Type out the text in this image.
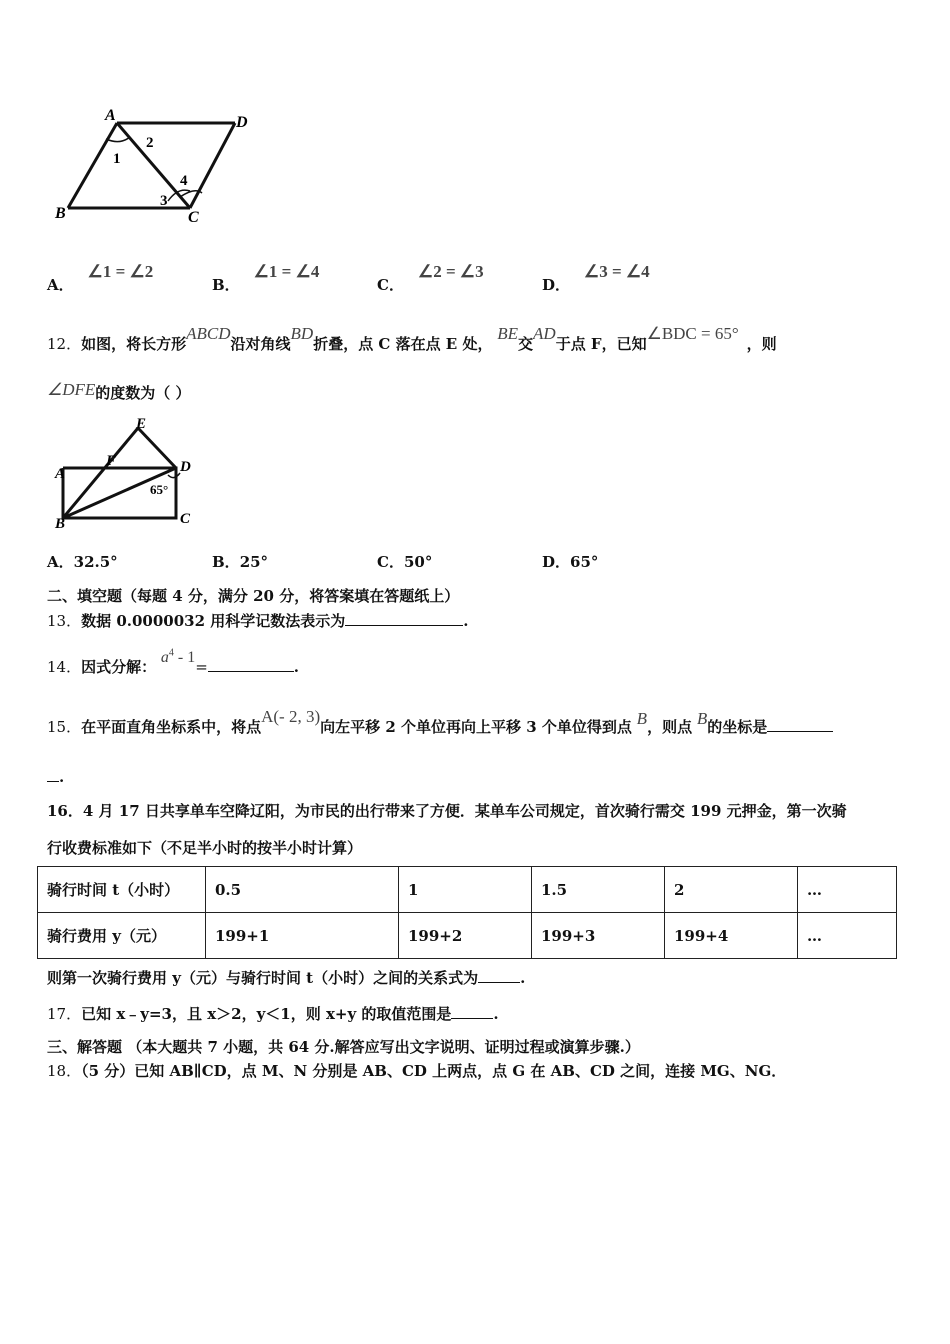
A	D
B	C
1
2
3
4
A．∠1 = ∠2
B．∠1 = ∠4
C．∠2 = ∠3
D．∠3 = ∠4
12．如图，将长方形ABCD沿对角线BD折叠，点 C 落在点 E 处， BE交AD于点 F，已知∠BDC = 65°，则
∠DFE的度数为（ ）
A
B	C
D
E
F
65°
A．32.5°	B．25°	C．50°	D．65°
二、填空题（每题 4 分，满分 20 分，将答案填在答题纸上）
13．数据 0.0000032 用科学记数法表示为	.
14．因式分解： $a^4 - 1=$	.
15．在平面直角坐标系中，将点A(- 2, 3)向左平移 2 个单位再向上平移 3 个单位得到点 B，则点 B的坐标是
.
16．4 月 17 日共享单车空降辽阳，为市民的出行带来了方便．某单车公司规定，首次骑行需交 199 元押金，第一次骑
行收费标准如下（不足半小时的按半小时计算）
骑行时间 t（小时）	0.5	1	1.5	2	…
骑行费用 y（元）	199+1	199+2	199+3	199+4	…
则第一次骑行费用 y（元）与骑行时间 t（小时）之间的关系式为	.
17．已知 x﹣y=3，且 x＞2，y＜1，则 x+y 的取值范围是	.
三、解答题 （本大题共 7 小题，共 64 分.解答应写出文字说明、证明过程或演算步骤.）
18．（5 分）已知 AB∥CD，点 M、N 分别是 AB、CD 上两点，点 G 在 AB、CD 之间，连接 MG、NG．
